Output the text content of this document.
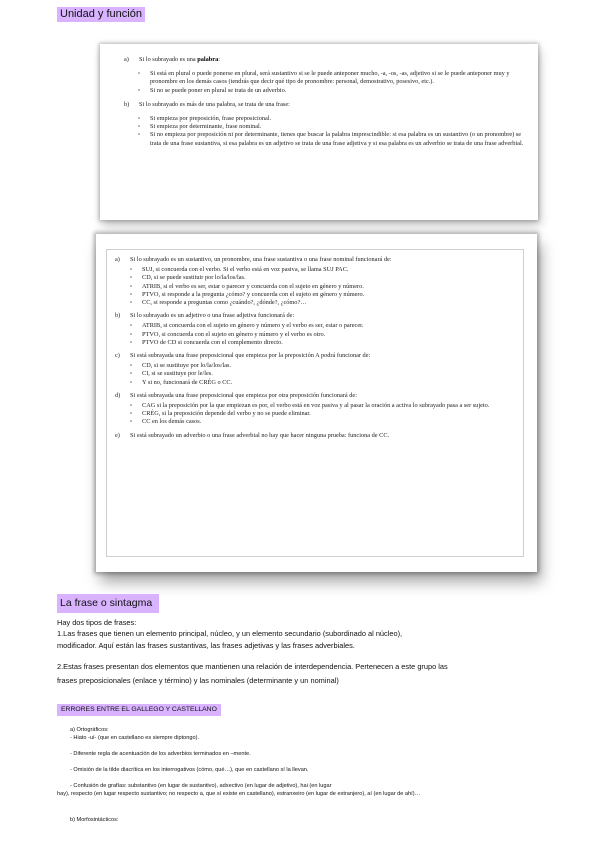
Unidad y función
a) Si lo subrayado es una palabra:
▫ Si está en plural o puede ponerse en plural, será sustantivo si se le puede anteponer mucho, -a, -os, -as, adjetivo si se le puede anteponer muy y pronombre en los demás casos (tendrás que decir qué tipo de pronombre: personal, demostrativo, posesivo, etc.).
▫ Si no se puede poner en plural se trata de un adverbio.
b) Si lo subrayado es más de una palabra, se trata de una frase:
▫ Si empieza por preposición, frase preposicional.
▫ Si empieza por determinante, frase nominal.
▫ Si no empieza por preposición ni por determinante, tienes que buscar la palabra imprescindible: si esa palabra es un sustantivo (o un pronombre) se trata de una frase sustantiva, si esa palabra es un adjetivo se trata de una frase adjetiva y si esa palabra es un adverbio se trata de una frase adverbial.
a) Si lo subrayado es un sustantivo, un pronombre, una frase sustantiva o una frase nominal funcionará de:
▫ SUJ, si concuerda con el verbo. Si el verbo está en voz pasiva, se llama SUJ PAC.
▫ CD, si se puede sustituir por lo/la/los/las.
▫ ATRIB, si el verbo es ser, estar o parecer y concuerda con el sujeto en género y número.
▫ PTVO, si responde a la pregunta ¿cómo? y concuerda con el sujeto en género y número.
▫ CC, si responde a preguntas como ¿cuándo?, ¿dónde?, ¿cómo?…
b) Si lo subrayado es un adjetivo o una frase adjetiva funcionará de:
▫ ATRIB, si concuerda con el sujeto en género y número y el verbo es ser, estar o parecer.
▫ PTVO, si concuerda con el sujeto en género y número y el verbo es otro.
▫ PTVO de CD si concuerda con el complemento directo.
c) Si está subrayada una frase preposicional que empieza por la preposición A podrá funcionar de:
▫ CD, si se sustituye por lo/la/los/las.
▫ CI, si se sustituye por le/les.
▫ Y si no, funcionará de CRÉG o CC.
d) Si está subrayada una frase preposicional que empieza por otra preposición funcionará de:
▫ CAG si la preposición por la que empiezan es por, el verbo está en voz pasiva y al pasar la oración a activa lo subrayado pasa a ser sujeto.
▫ CRÉG, si la preposición depende del verbo y no se puede eliminar.
▫ CC en los demás casos.
e) Si está subrayado un adverbio o una frase adverbial no hay que hacer ninguna prueba: funciona de CC.
La frase o sintagma
Hay dos tipos de frases:
1.Las frases que tienen un elemento principal, núcleo, y un elemento secundario (subordinado al núcleo),
modificador. Aquí están las frases sustantivas, las frases adjetivas y las frases adverbiales.
2.Estas frases presentan dos elementos que mantienen una relación de interdependencia. Pertenecen a este grupo las
frases preposicionales (enlace y término) y las nominales (determinante y un nominal)
ERRORES ENTRE EL GALLEGO Y CASTELLANO
a) Ortográficos:
- Hiato -uí- (que en castellano es siempre diptongo).
- Diferente regla de acentuación de los adverbios terminados en –mente.
- Omisión de la tilde diacrítica en los interrogativos (cómo, qué…), que en castellano sí la llevan.
- Confusión de grafías: substantivo (en lugar de sustantivo), adxectivo (en lugar de adjetivo), hai (en lugar
hay), respecto (en lugar respecto sustantivo; no respecto a, que sí existe en castellano), estranxeiro (en lugar de extranjero), aí (en lugar de ahí)…
b) Morfosintácticos:
